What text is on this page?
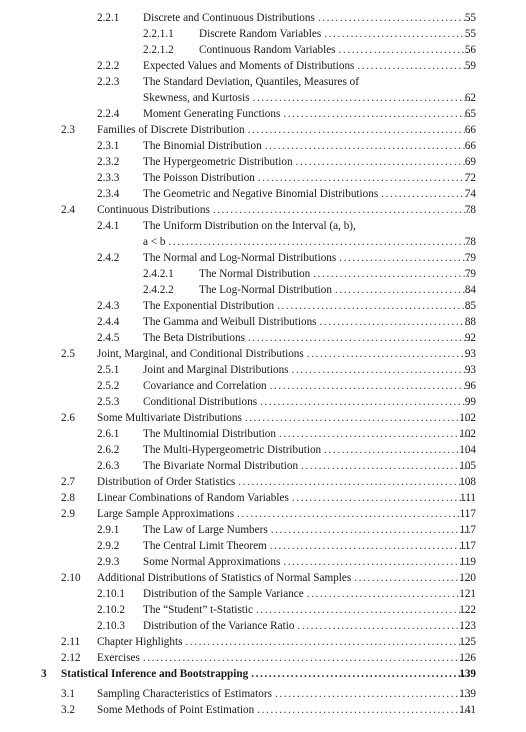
2.2.1 Discrete and Continuous Distributions .....	55
2.2.1.1 Discrete Random Variables .....	55
2.2.1.2 Continuous Random Variables .....	56
2.2.2 Expected Values and Moments of Distributions .....	59
2.2.3 The Standard Deviation, Quantiles, Measures of
Skewness, and Kurtosis .....	62
2.2.4 Moment Generating Functions .....	65
2.3 Families of Discrete Distribution .....	66
2.3.1 The Binomial Distribution .....	66
2.3.2 The Hypergeometric Distribution .....	69
2.3.3 The Poisson Distribution .....	72
2.3.4 The Geometric and Negative Binomial Distributions .....	74
2.4 Continuous Distributions .....	78
2.4.1 The Uniform Distribution on the Interval (a, b),
a < b .....	78
2.4.2 The Normal and Log-Normal Distributions .....	79
2.4.2.1 The Normal Distribution .....	79
2.4.2.2 The Log-Normal Distribution .....	84
2.4.3 The Exponential Distribution .....	85
2.4.4 The Gamma and Weibull Distributions .....	88
2.4.5 The Beta Distributions .....	92
2.5 Joint, Marginal, and Conditional Distributions .....	93
2.5.1 Joint and Marginal Distributions .....	93
2.5.2 Covariance and Correlation .....	96
2.5.3 Conditional Distributions .....	99
2.6 Some Multivariate Distributions .....	102
2.6.1 The Multinomial Distribution .....	102
2.6.2 The Multi-Hypergeometric Distribution .....	104
2.6.3 The Bivariate Normal Distribution .....	105
2.7 Distribution of Order Statistics .....	108
2.8 Linear Combinations of Random Variables .....	111
2.9 Large Sample Approximations .....	117
2.9.1 The Law of Large Numbers .....	117
2.9.2 The Central Limit Theorem .....	117
2.9.3 Some Normal Approximations .....	119
2.10 Additional Distributions of Statistics of Normal Samples .....	120
2.10.1 Distribution of the Sample Variance .....	121
2.10.2 The “Student” t-Statistic .....	122
2.10.3 Distribution of the Variance Ratio .....	123
2.11 Chapter Highlights .....	125
2.12 Exercises .....	126
3 Statistical Inference and Bootstrapping .....	139
3.1 Sampling Characteristics of Estimators .....	139
3.2 Some Methods of Point Estimation .....	141
